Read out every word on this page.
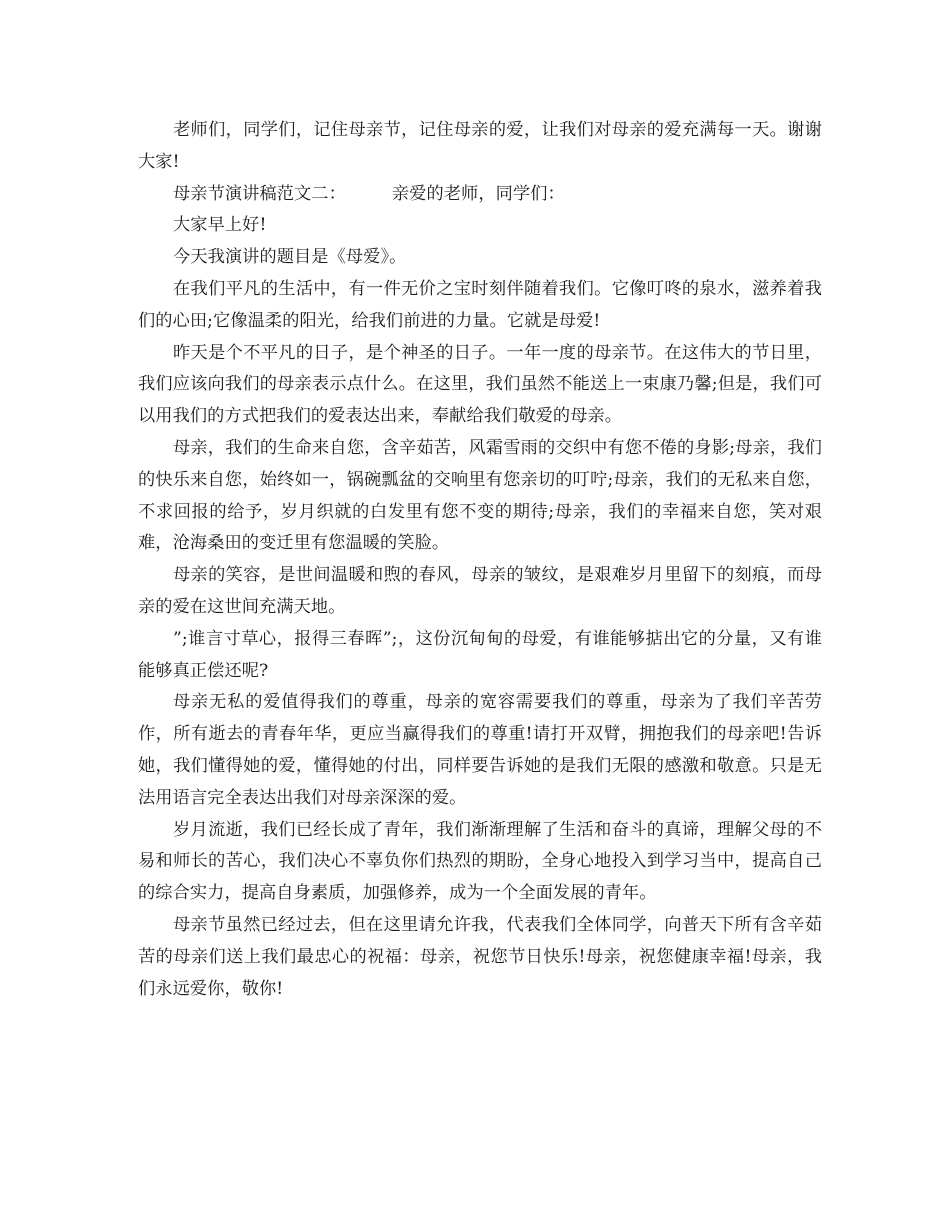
老师们，同学们，记住母亲节，记住母亲的爱，让我们对母亲的爱充满每一天。谢谢大家!

母亲节演讲稿范文二：	亲爱的老师，同学们：

大家早上好!

今天我演讲的题目是《母爱》。

在我们平凡的生活中，有一件无价之宝时刻伴随着我们。它像叮咚的泉水，滋养着我们的心田;它像温柔的阳光，给我们前进的力量。它就是母爱!

昨天是个不平凡的日子，是个神圣的日子。一年一度的母亲节。在这伟大的节日里，我们应该向我们的母亲表示点什么。在这里，我们虽然不能送上一束康乃馨;但是，我们可以用我们的方式把我们的爱表达出来，奉献给我们敬爱的母亲。

母亲，我们的生命来自您，含辛茹苦，风霜雪雨的交织中有您不倦的身影;母亲，我们的快乐来自您，始终如一，锅碗瓢盆的交响里有您亲切的叮咛;母亲，我们的无私来自您，不求回报的给予，岁月织就的白发里有您不变的期待;母亲，我们的幸福来自您，笑对艰难，沧海桑田的变迁里有您温暖的笑脸。

母亲的笑容，是世间温暖和煦的春风，母亲的皱纹，是艰难岁月里留下的刻痕，而母亲的爱在这世间充满天地。

”;谁言寸草心，报得三春晖”;，这份沉甸甸的母爱，有谁能够掂出它的分量，又有谁能够真正偿还呢?

母亲无私的爱值得我们的尊重，母亲的宽容需要我们的尊重，母亲为了我们辛苦劳作，所有逝去的青春年华，更应当赢得我们的尊重!请打开双臂，拥抱我们的母亲吧!告诉她，我们懂得她的爱，懂得她的付出，同样要告诉她的是我们无限的感激和敬意。只是无法用语言完全表达出我们对母亲深深的爱。

岁月流逝，我们已经长成了青年，我们渐渐理解了生活和奋斗的真谛，理解父母的不易和师长的苦心，我们决心不辜负你们热烈的期盼，全身心地投入到学习当中，提高自己的综合实力，提高自身素质，加强修养，成为一个全面发展的青年。

母亲节虽然已经过去，但在这里请允许我，代表我们全体同学，向普天下所有含辛茹苦的母亲们送上我们最忠心的祝福：母亲，祝您节日快乐!母亲，祝您健康幸福!母亲，我们永远爱你，敬你!
